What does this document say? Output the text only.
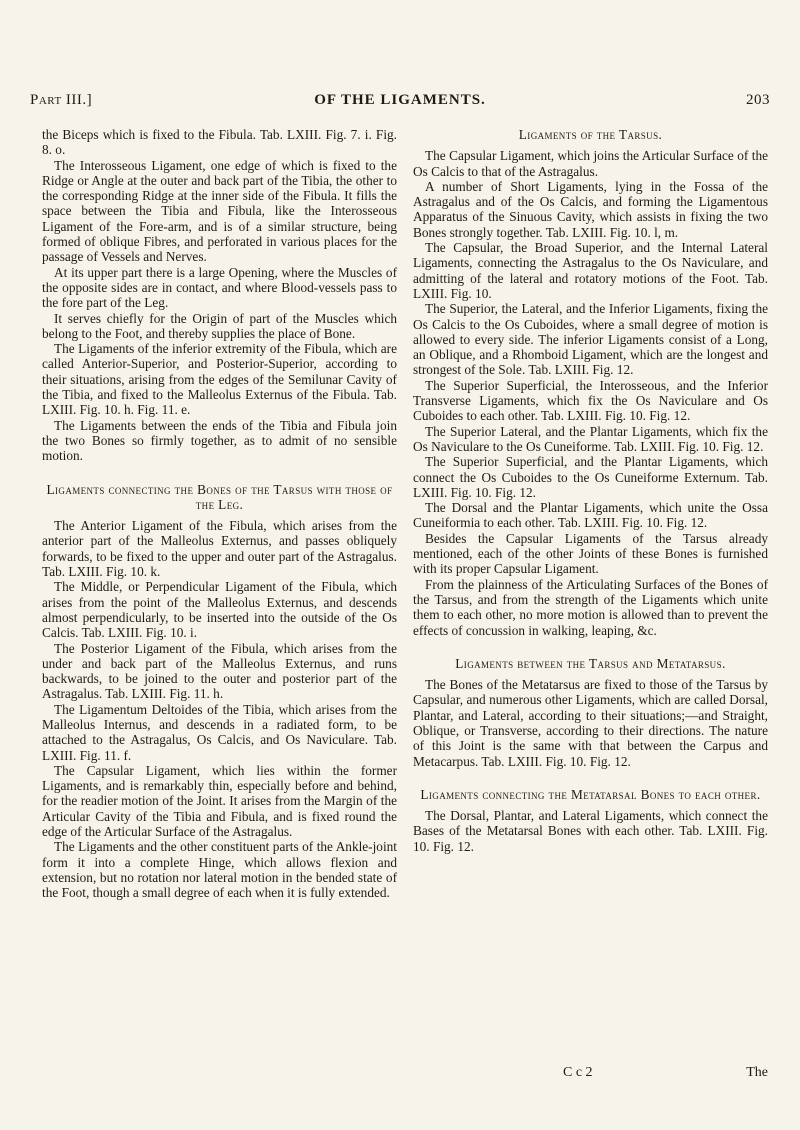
Part III.]	OF THE LIGAMENTS.	203

the Biceps which is fixed to the Fibula. Tab. LXIII. Fig. 7. i. Fig. 8. o.

The Interosseous Ligament, one edge of which is fixed to the Ridge or Angle at the outer and back part of the Tibia, the other to the corresponding Ridge at the inner side of the Fibula. It fills the space between the Tibia and Fibula, like the Interosseous Ligament of the Fore-arm, and is of a similar structure, being formed of oblique Fibres, and perforated in various places for the passage of Vessels and Nerves.

At its upper part there is a large Opening, where the Muscles of the opposite sides are in contact, and where Blood-vessels pass to the fore part of the Leg.

It serves chiefly for the Origin of part of the Muscles which belong to the Foot, and thereby supplies the place of Bone.

The Ligaments of the inferior extremity of the Fibula, which are called Anterior-Superior, and Posterior-Superior, according to their situations, arising from the edges of the Semilunar Cavity of the Tibia, and fixed to the Malleolus Externus of the Fibula. Tab. LXIII. Fig. 10. h. Fig. 11. e.

The Ligaments between the ends of the Tibia and Fibula join the two Bones so firmly together, as to admit of no sensible motion.

Ligaments connecting the Bones of the Tarsus with those of the Leg.

The Anterior Ligament of the Fibula, which arises from the anterior part of the Malleolus Externus, and passes obliquely forwards, to be fixed to the upper and outer part of the Astragalus. Tab. LXIII. Fig. 10. k.

The Middle, or Perpendicular Ligament of the Fibula, which arises from the point of the Malleolus Externus, and descends almost perpendicularly, to be inserted into the outside of the Os Calcis. Tab. LXIII. Fig. 10. i.

The Posterior Ligament of the Fibula, which arises from the under and back part of the Malleolus Externus, and runs backwards, to be joined to the outer and posterior part of the Astragalus. Tab. LXIII. Fig. 11. h.

The Ligamentum Deltoides of the Tibia, which arises from the Malleolus Internus, and descends in a radiated form, to be attached to the Astragalus, Os Calcis, and Os Naviculare. Tab. LXIII. Fig. 11. f.

The Capsular Ligament, which lies within the former Ligaments, and is remarkably thin, especially before and behind, for the readier motion of the Joint. It arises from the Margin of the Articular Cavity of the Tibia and Fibula, and is fixed round the edge of the Articular Surface of the Astragalus.

The Ligaments and the other constituent parts of the Ankle-joint form it into a complete Hinge, which allows flexion and extension, but no rotation nor lateral motion in the bended state of the Foot, though a small degree of each when it is fully extended.

Ligaments of the Tarsus.

The Capsular Ligament, which joins the Articular Surface of the Os Calcis to that of the Astragalus.

A number of Short Ligaments, lying in the Fossa of the Astragalus and of the Os Calcis, and forming the Ligamentous Apparatus of the Sinuous Cavity, which assists in fixing the two Bones strongly together. Tab. LXIII. Fig. 10. l, m.

The Capsular, the Broad Superior, and the Internal Lateral Ligaments, connecting the Astragalus to the Os Naviculare, and admitting of the lateral and rotatory motions of the Foot. Tab. LXIII. Fig. 10.

The Superior, the Lateral, and the Inferior Ligaments, fixing the Os Calcis to the Os Cuboides, where a small degree of motion is allowed to every side. The inferior Ligaments consist of a Long, an Oblique, and a Rhomboid Ligament, which are the longest and strongest of the Sole. Tab. LXIII. Fig. 12.

The Superior Superficial, the Interosseous, and the Inferior Transverse Ligaments, which fix the Os Naviculare and Os Cuboides to each other. Tab. LXIII. Fig. 10. Fig. 12.

The Superior Lateral, and the Plantar Ligaments, which fix the Os Naviculare to the Os Cuneiforme. Tab. LXIII. Fig. 10. Fig. 12.

The Superior Superficial, and the Plantar Ligaments, which connect the Os Cuboides to the Os Cuneiforme Externum. Tab. LXIII. Fig. 10. Fig. 12.

The Dorsal and the Plantar Ligaments, which unite the Ossa Cuneiformia to each other. Tab. LXIII. Fig. 10. Fig. 12.

Besides the Capsular Ligaments of the Tarsus already mentioned, each of the other Joints of these Bones is furnished with its proper Capsular Ligament.

From the plainness of the Articulating Surfaces of the Bones of the Tarsus, and from the strength of the Ligaments which unite them to each other, no more motion is allowed than to prevent the effects of concussion in walking, leaping, &c.

Ligaments between the Tarsus and Metatarsus.

The Bones of the Metatarsus are fixed to those of the Tarsus by Capsular, and numerous other Ligaments, which are called Dorsal, Plantar, and Lateral, according to their situations;—and Straight, Oblique, or Transverse, according to their directions. The nature of this Joint is the same with that between the Carpus and Metacarpus. Tab. LXIII. Fig. 10. Fig. 12.

Ligaments connecting the Metatarsal Bones to each other.

The Dorsal, Plantar, and Lateral Ligaments, which connect the Bases of the Metatarsal Bones with each other. Tab. LXIII. Fig. 10. Fig. 12.

C c 2	The
